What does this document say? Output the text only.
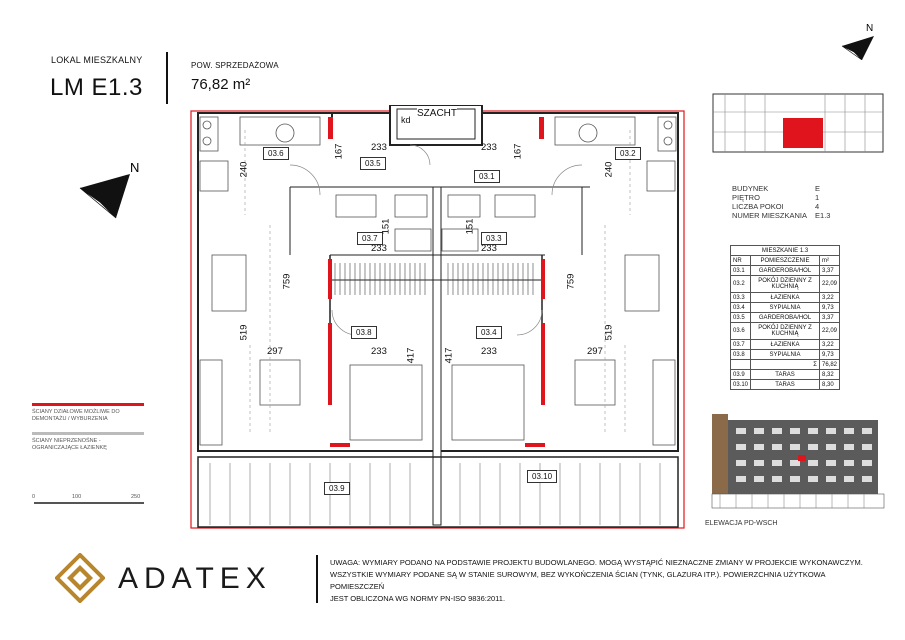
LOKAL MIESZKALNY
LM E1.3
POW. SPRZEDAŻOWA
76,82 m²
N
N
SZACHT
kd
03.6
03.5
03.1
03.2
03.7	03.3
03.8	03.4
03.9
03.10
240
167	233	233 167
240
151	151
233	233
759	759
519	519
297	233 417	417	233	297
ŚCIANY DZIAŁOWE MOŻLIWE DO DEMONTAŻU / WYBURZENIA
ŚCIANY NIEPRZENOŚNE - OGRANICZAJĄCE ŁAZIENKĘ
0	100	250
BUDYNEK	E
PIĘTRO	1
LICZBA POKOI	4
NUMER MIESZKANIA	E1.3
MIESZKANIE 1.3		
NR	POMIESZCZENIE	m²
03.1	GARDEROBA/HOL	3,37
03.2	POKÓJ DZIENNY Z KUCHNIĄ	22,09
03.3	ŁAZIENKA	3,22
03.4	SYPIALNIA	9,73
03.5	GARDEROBA/HOL	3,37
03.6	POKÓJ DZIENNY Z KUCHNIĄ	22,09
03.7	ŁAZIENKA	3,22
03.8	SYPIALNIA	9,73
	Σ	76,82
03.9	TARAS	8,32
03.10	TARAS	8,30
ELEWACJA PD-WSCH
ADATEX	UWAGA: WYMIARY PODANO NA PODSTAWIE PROJEKTU BUDOWLANEGO. MOGĄ WYSTĄPIĆ NIEZNACZNE ZMIANY W PROJEKCIE WYKONAWCZYM.
WSZYSTKIE WYMIARY PODANE SĄ W STANIE SUROWYM, BEZ WYKOŃCZENIA ŚCIAN (TYNK, GLAZURA ITP.). POWIERZCHNIA UŻYTKOWA POMIESZCZEŃ
JEST OBLICZONA WG NORMY PN-ISO 9836:2011.
